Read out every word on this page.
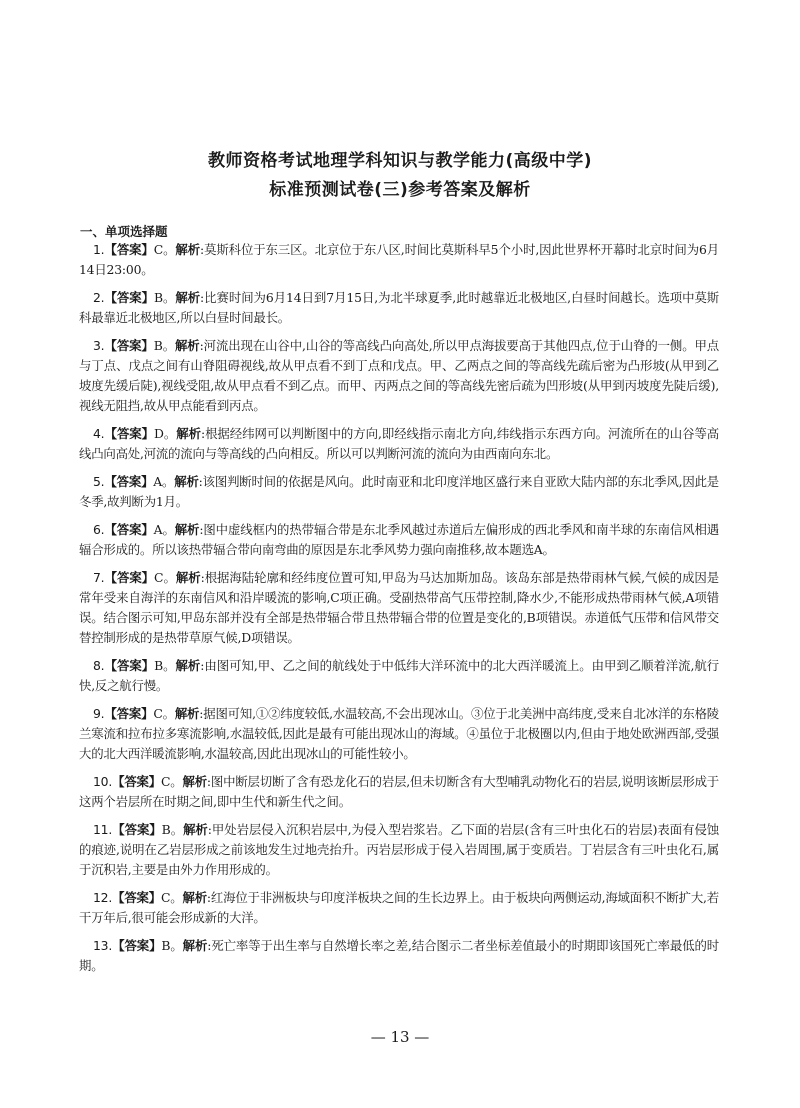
教师资格考试地理学科知识与教学能力(高级中学)
标准预测试卷(三)参考答案及解析
一、单项选择题
1.【答案】C。解析:莫斯科位于东三区。北京位于东八区,时间比莫斯科早5个小时,因此世界杯开幕时北京时间为6月14日23:00。
2.【答案】B。解析:比赛时间为6月14日到7月15日,为北半球夏季,此时越靠近北极地区,白昼时间越长。选项中莫斯科最靠近北极地区,所以白昼时间最长。
3.【答案】B。解析:河流出现在山谷中,山谷的等高线凸向高处,所以甲点海拔要高于其他四点,位于山脊的一侧。甲点与丁点、戊点之间有山脊阻碍视线,故从甲点看不到丁点和戊点。甲、乙两点之间的等高线先疏后密为凸形坡(从甲到乙坡度先缓后陡),视线受阻,故从甲点看不到乙点。而甲、丙两点之间的等高线先密后疏为凹形坡(从甲到丙坡度先陡后缓),视线无阻挡,故从甲点能看到丙点。
4.【答案】D。解析:根据经纬网可以判断图中的方向,即经线指示南北方向,纬线指示东西方向。河流所在的山谷等高线凸向高处,河流的流向与等高线的凸向相反。所以可以判断河流的流向为由西南向东北。
5.【答案】A。解析:该图判断时间的依据是风向。此时南亚和北印度洋地区盛行来自亚欧大陆内部的东北季风,因此是冬季,故判断为1月。
6.【答案】A。解析:图中虚线框内的热带辐合带是东北季风越过赤道后左偏形成的西北季风和南半球的东南信风相遇辐合形成的。所以该热带辐合带向南弯曲的原因是东北季风势力强向南推移,故本题选A。
7.【答案】C。解析:根据海陆轮廓和经纬度位置可知,甲岛为马达加斯加岛。该岛东部是热带雨林气候,气候的成因是常年受来自海洋的东南信风和沿岸暖流的影响,C项正确。受副热带高气压带控制,降水少,不能形成热带雨林气候,A项错误。结合图示可知,甲岛东部并没有全部是热带辐合带且热带辐合带的位置是变化的,B项错误。赤道低气压带和信风带交替控制形成的是热带草原气候,D项错误。
8.【答案】B。解析:由图可知,甲、乙之间的航线处于中低纬大洋环流中的北大西洋暖流上。由甲到乙顺着洋流,航行快,反之航行慢。
9.【答案】C。解析:据图可知,①②纬度较低,水温较高,不会出现冰山。③位于北美洲中高纬度,受来自北冰洋的东格陵兰寒流和拉布拉多寒流影响,水温较低,因此是最有可能出现冰山的海域。④虽位于北极圈以内,但由于地处欧洲西部,受强大的北大西洋暖流影响,水温较高,因此出现冰山的可能性较小。
10.【答案】C。解析:图中断层切断了含有恐龙化石的岩层,但未切断含有大型哺乳动物化石的岩层,说明该断层形成于这两个岩层所在时期之间,即中生代和新生代之间。
11.【答案】B。解析:甲处岩层侵入沉积岩层中,为侵入型岩浆岩。乙下面的岩层(含有三叶虫化石的岩层)表面有侵蚀的痕迹,说明在乙岩层形成之前该地发生过地壳抬升。丙岩层形成于侵入岩周围,属于变质岩。丁岩层含有三叶虫化石,属于沉积岩,主要是由外力作用形成的。
12.【答案】C。解析:红海位于非洲板块与印度洋板块之间的生长边界上。由于板块向两侧运动,海域面积不断扩大,若干万年后,很可能会形成新的大洋。
13.【答案】B。解析:死亡率等于出生率与自然增长率之差,结合图示二者坐标差值最小的时期即该国死亡率最低的时期。
— 13 —
